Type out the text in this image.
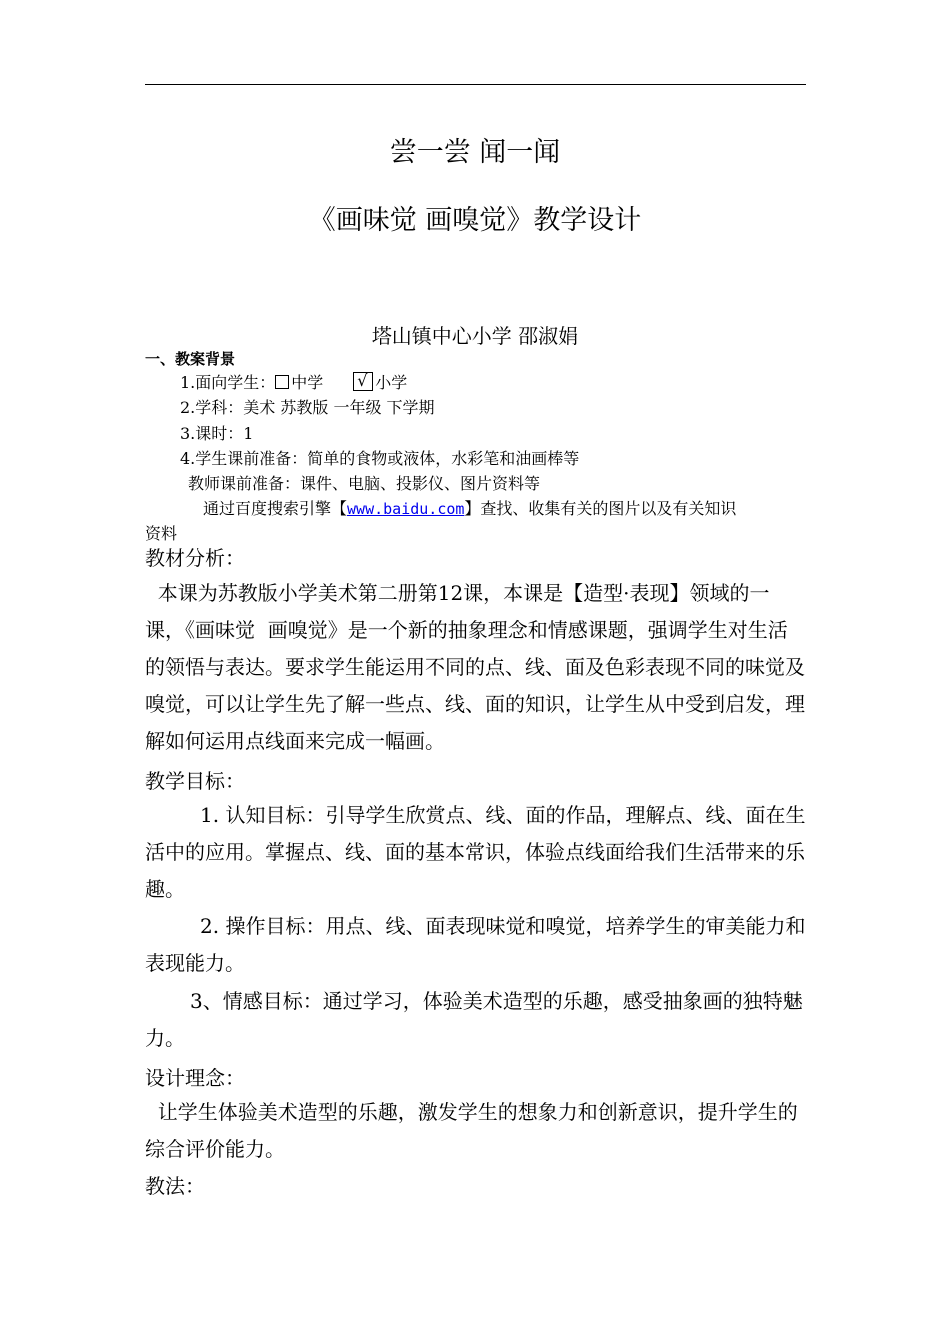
尝一尝 闻一闻
《画味觉 画嗅觉》教学设计
塔山镇中心小学 邵淑娟
一、教案背景
1.面向学生： 中学√	小学
2.学科：美术 苏教版 一年级 下学期
3.课时：1
4.学生课前准备：简单的食物或液体，水彩笔和油画棒等
教师课前准备：课件、电脑、投影仪、图片资料等
通过百度搜索引擎【www.baidu.com】查找、收集有关的图片以及有关知识
资料
教材分析：
本课为苏教版小学美术第二册第12课，本课是【造型·表现】领域的一课，《画味觉  画嗅觉》是一个新的抽象理念和情感课题，强调学生对生活的领悟与表达。要求学生能运用不同的点、线、面及色彩表现不同的味觉及嗅觉，可以让学生先了解一些点、线、面的知识，让学生从中受到启发，理解如何运用点线面来完成一幅画。
教学目标：
1. 认知目标：引导学生欣赏点、线、面的作品，理解点、线、面在生活中的应用。掌握点、线、面的基本常识，体验点线面给我们生活带来的乐趣。
2. 操作目标：用点、线、面表现味觉和嗅觉，培养学生的审美能力和表现能力。
3、情感目标：通过学习，体验美术造型的乐趣，感受抽象画的独特魅力。
设计理念：
让学生体验美术造型的乐趣，激发学生的想象力和创新意识，提升学生的综合评价能力。
教法：
